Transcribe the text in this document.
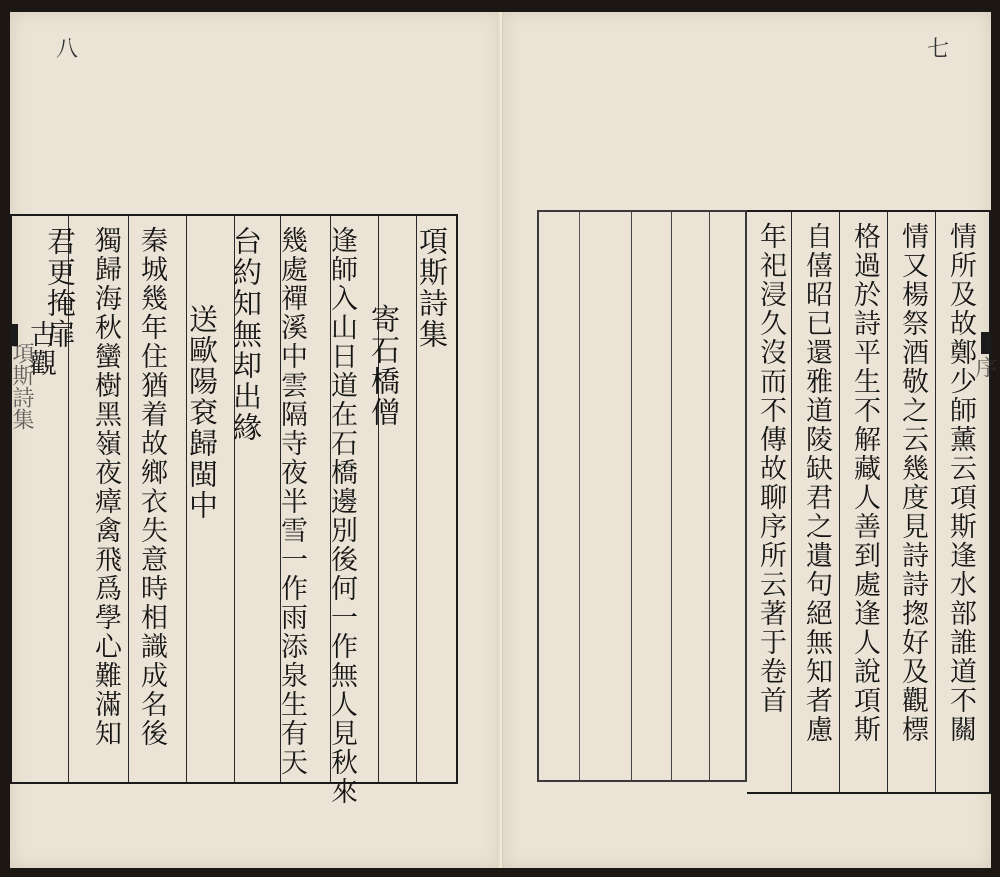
八
項斯詩集
寄石橋僧
逢師入山日道在石橋邊別後何一作無人見秋來
幾處禪溪中雲隔寺夜半雪一作雨添泉生有天
台約知無却出緣
送歐陽袞歸閩中
秦城幾年住猶着故鄉衣失意時相識成名後
獨歸海秋蠻樹黑嶺夜瘴禽飛爲學心難滿知
君更掩扉
古觀
項斯詩集
七
情所及故鄭少師薰云項斯逢水部誰道不關
情又楊祭酒敬之云幾度見詩詩揔好及觀標
格過於詩平生不解藏人善到處逢人說項斯
自僖昭已還雅道陵缺君之遺句絕無知者慮
年祀浸久沒而不傳故聊序所云著于卷首	序
